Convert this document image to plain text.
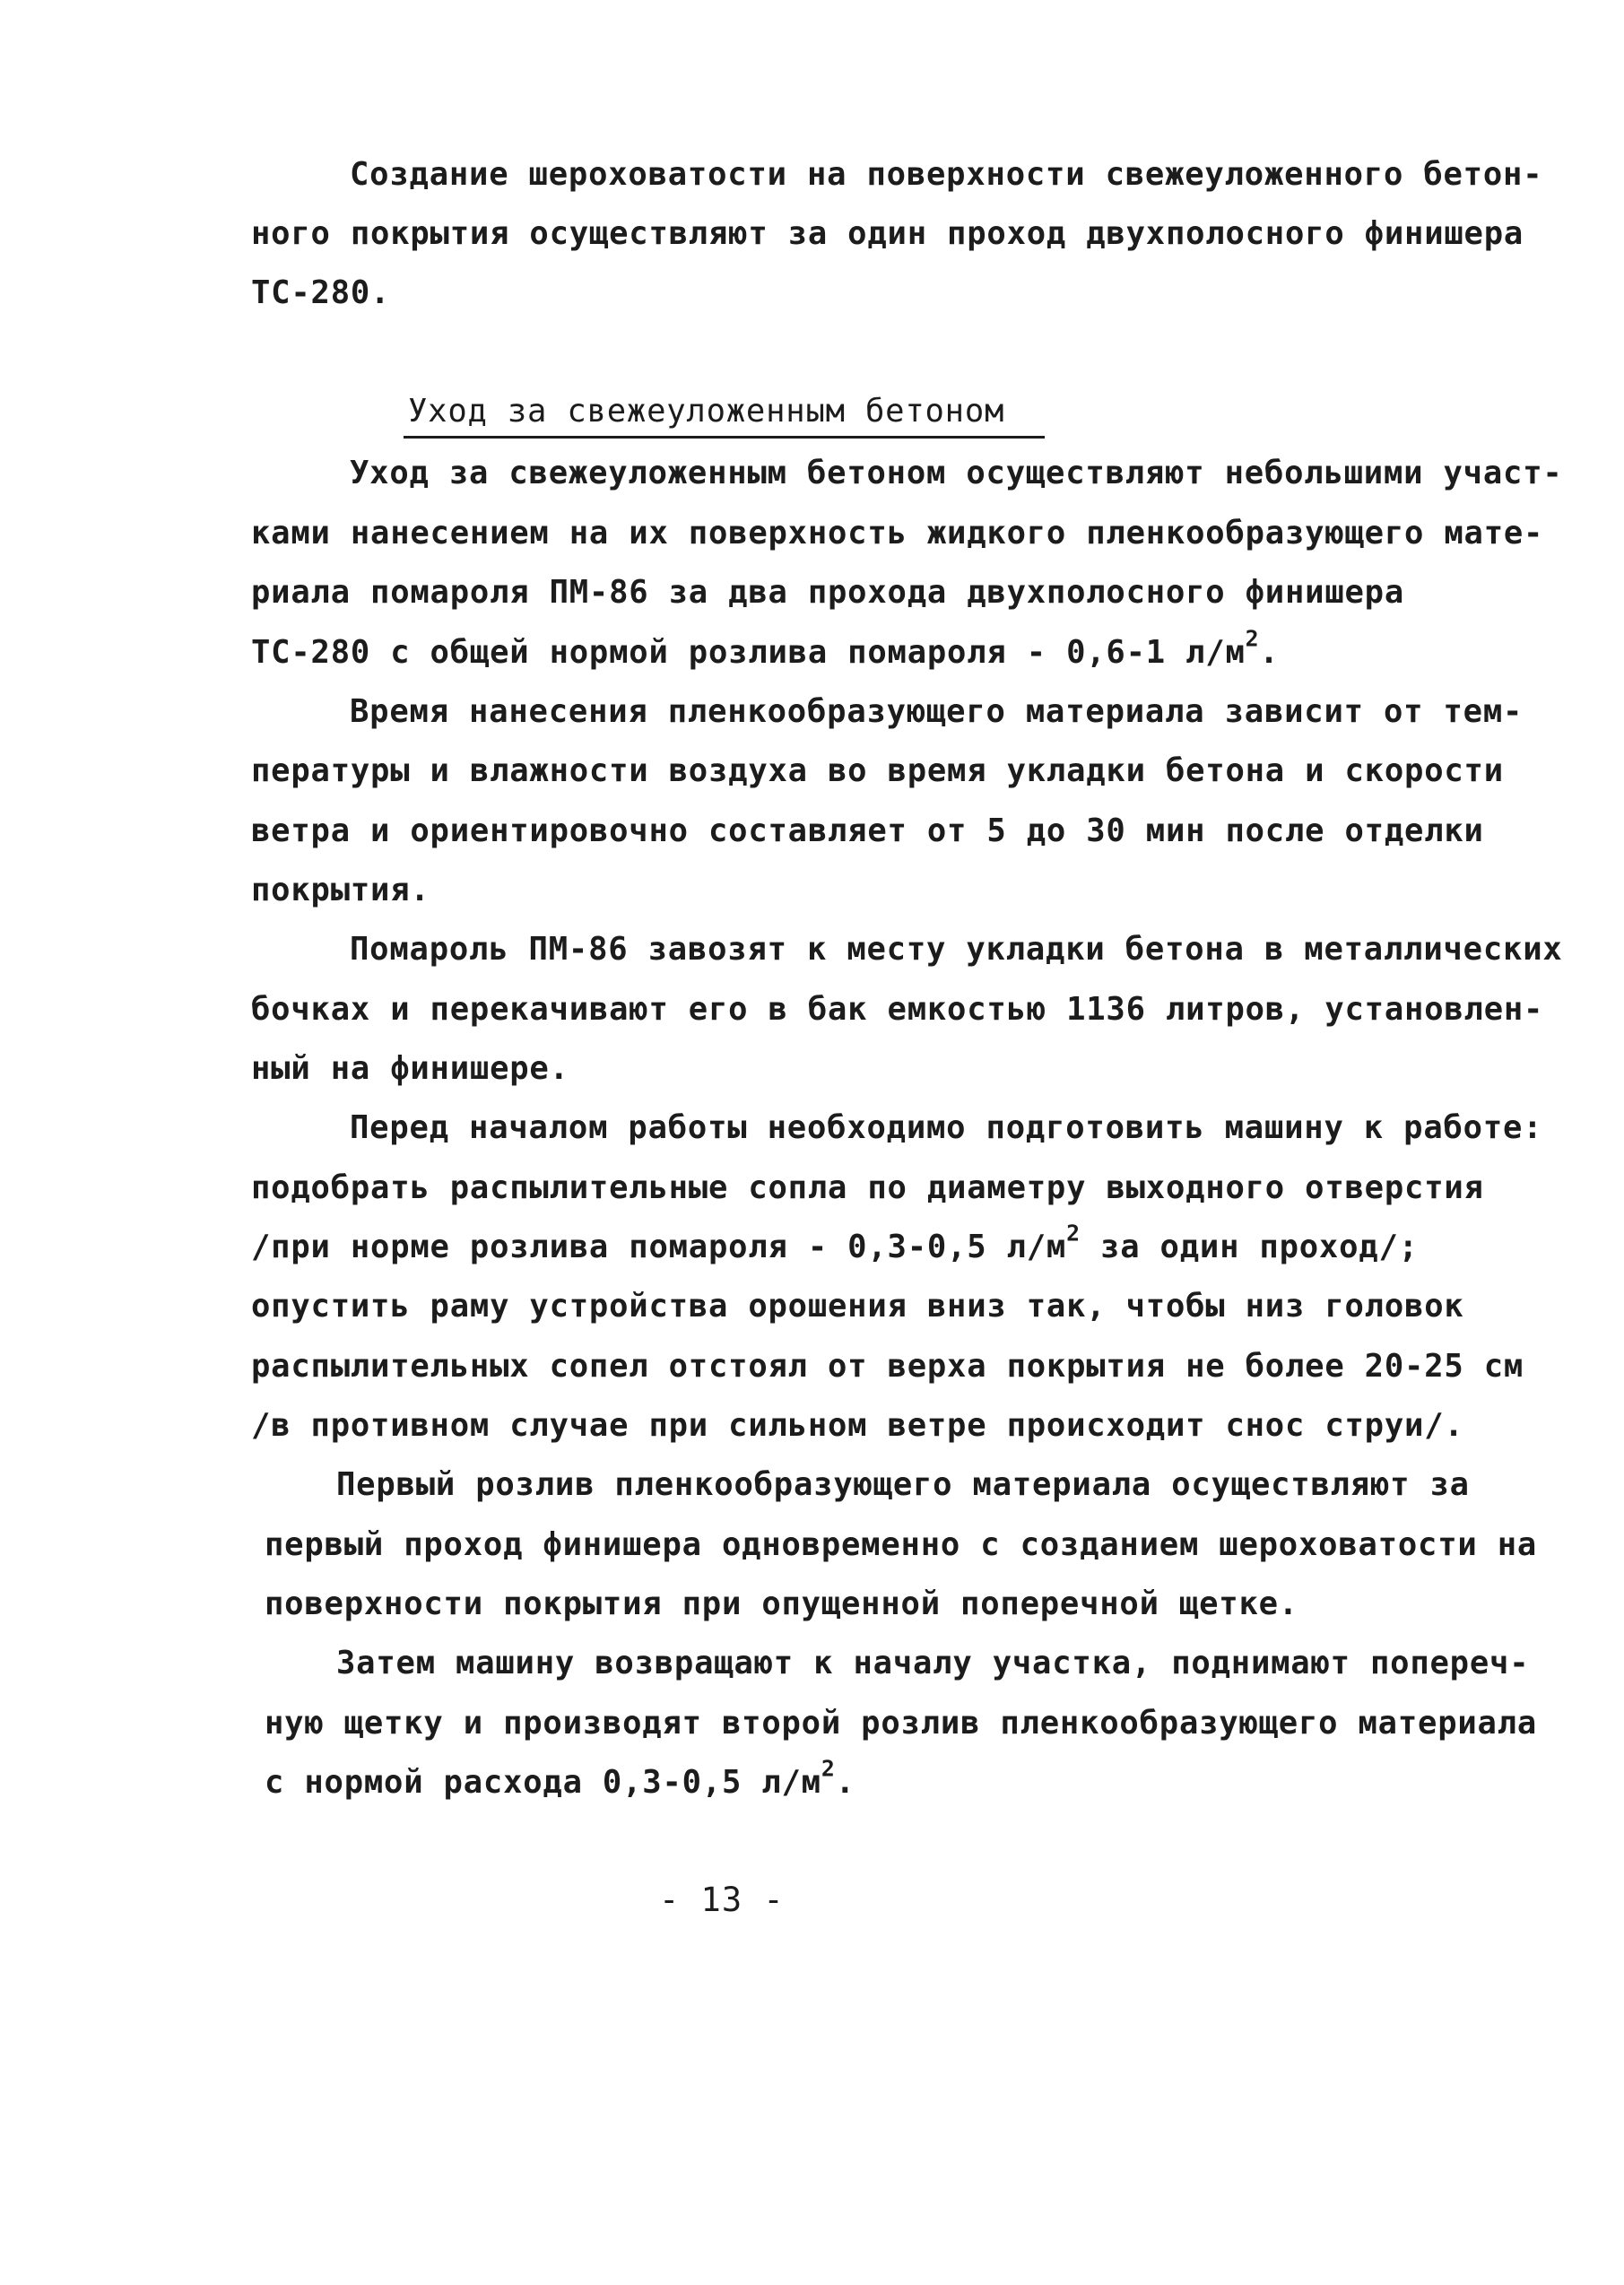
Создание шероховатости на поверхности свежеуложенного бетон-
ного покрытия осуществляют за один проход двухполосного финишера
ТС-280.
Уход за свежеуложенным бетоном
Уход за свежеуложенным бетоном осуществляют небольшими участ-
ками нанесением на их поверхность жидкого пленкообразующего мате-
риала помароля ПМ-86 за два прохода двухполосного финишера
ТС-280 с общей нормой розлива помароля - 0,6-1 $л/м^2$.
Время нанесения пленкообразующего материала зависит от тем-
пературы и влажности воздуха во время укладки бетона и скорости
ветра и ориентировочно составляет от 5 до 30 мин после отделки
покрытия.
Помароль ПМ-86 завозят к месту укладки бетона в металлических
бочках и перекачивают его в бак емкостью 1136 литров, установлен-
ный на финишере.
Перед началом работы необходимо подготовить машину к работе:
подобрать распылительные сопла по диаметру выходного отверстия
/при норме розлива помароля - 0,3-0,5 $л/м^2$ за один проход/;
опустить раму устройства орошения вниз так, чтобы низ головок
распылительных сопел отстоял от верха покрытия не более 20-25 см
/в противном случае при сильном ветре происходит снос струи/.
Первый розлив пленкообразующего материала осуществляют за
первый проход финишера одновременно с созданием шероховатости на
поверхности покрытия при опущенной поперечной щетке.
Затем машину возвращают к началу участка, поднимают попереч-
ную щетку и производят второй розлив пленкообразующего материала
с нормой расхода 0,3-0,5 $л/м^2$.
- 13 -
